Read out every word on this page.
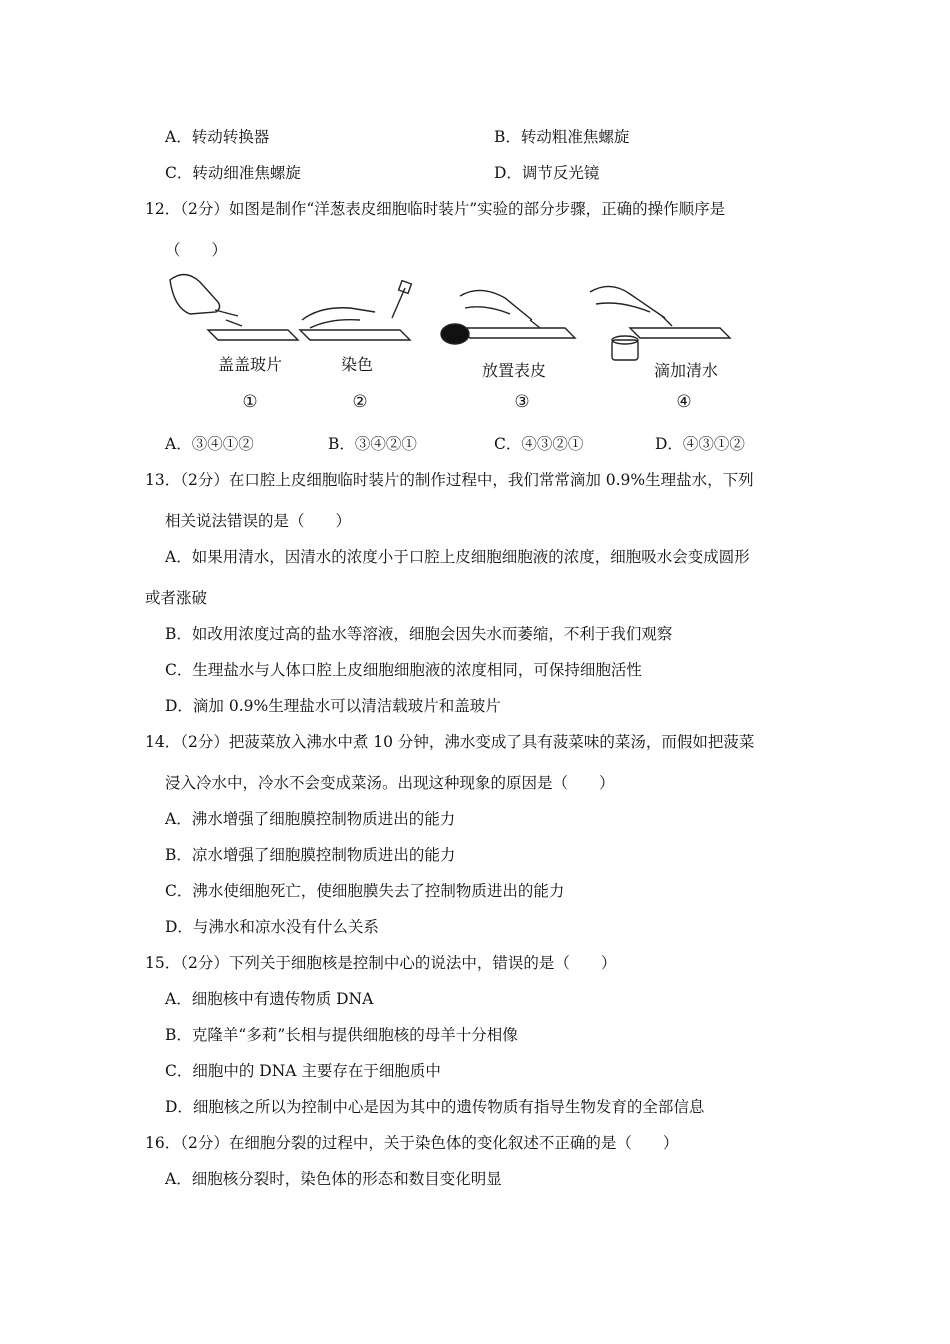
A．转动转换器	B．转动粗准焦螺旋
C．转动细准焦螺旋	D．调节反光镜
12．（2分）如图是制作“洋葱表皮细胞临时装片”实验的部分步骤，正确的操作顺序是
（　　）
盖盖玻片	染色	放置表皮	滴加清水
①	②	③	④
A．③④①②	B．③④②①	C．④③②①	D．④③①②
13．（2分）在口腔上皮细胞临时装片的制作过程中，我们常常滴加 0.9%生理盐水，下列
相关说法错误的是（　　）
A．如果用清水，因清水的浓度小于口腔上皮细胞细胞液的浓度，细胞吸水会变成圆形
或者涨破
B．如改用浓度过高的盐水等溶液，细胞会因失水而萎缩，不利于我们观察
C．生理盐水与人体口腔上皮细胞细胞液的浓度相同，可保持细胞活性
D．滴加 0.9%生理盐水可以清洁载玻片和盖玻片
14．（2分）把菠菜放入沸水中煮 10 分钟，沸水变成了具有菠菜味的菜汤，而假如把菠菜
浸入冷水中，冷水不会变成菜汤。出现这种现象的原因是（　　）
A．沸水增强了细胞膜控制物质进出的能力
B．凉水增强了细胞膜控制物质进出的能力
C．沸水使细胞死亡，使细胞膜失去了控制物质进出的能力
D．与沸水和凉水没有什么关系
15．（2分）下列关于细胞核是控制中心的说法中，错误的是（　　）
A．细胞核中有遗传物质 DNA
B．克隆羊“多莉”长相与提供细胞核的母羊十分相像
C．细胞中的 DNA 主要存在于细胞质中
D．细胞核之所以为控制中心是因为其中的遗传物质有指导生物发育的全部信息
16．（2分）在细胞分裂的过程中，关于染色体的变化叙述不正确的是（　　）
A．细胞核分裂时，染色体的形态和数目变化明显
